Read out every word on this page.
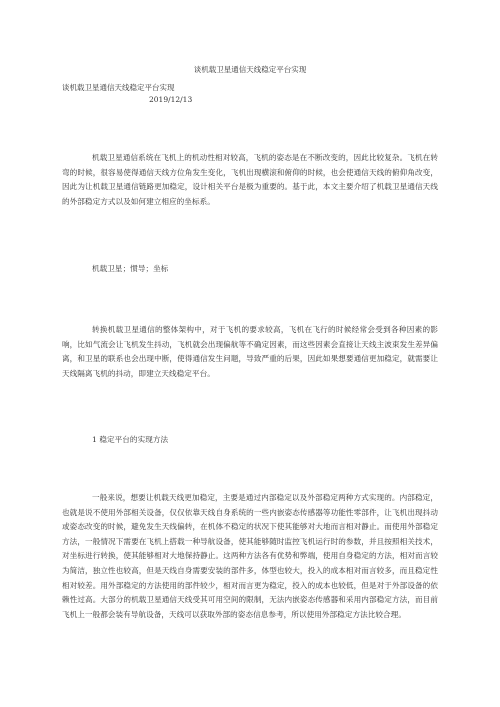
谈机载卫星通信天线稳定平台实现
谈机载卫星通信天线稳定平台实现
2019/12/13

机载卫星通信系统在飞机上的机动性相对较高，飞机的姿态是在不断改变的，因此比较复杂。飞机在转弯的时候，很容易使得通信天线方位角发生变化，飞机出现横滚和俯仰的时候，也会使通信天线的俯仰角改变，因此为让机载卫星通信链路更加稳定，设计相关平台是极为重要的。基于此，本文主要介绍了机载卫星通信天线的外部稳定方式以及如何建立相应的坐标系。

机载卫星；惯导；坐标

转换机载卫星通信的整体架构中，对于飞机的要求较高，飞机在飞行的时候经常会受到各种因素的影响，比如气流会让飞机发生抖动，飞机就会出现偏航等不确定因素，而这些因素会直接让天线主波束发生差异偏离，和卫星的联系也会出现中断，使得通信发生问题，导致严重的后果，因此如果想要通信更加稳定，就需要让天线隔离飞机的抖动，即建立天线稳定平台。

1 稳定平台的实现方法

一般来说，想要让机载天线更加稳定，主要是通过内部稳定以及外部稳定两种方式实现的。内部稳定，也就是说不使用外部相关设备，仅仅依靠天线自身系统的一些内嵌姿态传感器等功能性零部件，让飞机出现抖动或姿态改变的时候，避免发生天线偏转，在机体不稳定的状况下使其能够对大地而言相对静止。而使用外部稳定方法，一般情况下需要在飞机上搭载一种导航设备，使其能够随时监控飞机运行时的参数，并且按照相关技术，对坐标进行转换，使其能够相对大地保持静止。这两种方法各有优势和弊端，使用自身稳定的方法，相对而言较为简洁，独立性也较高，但是天线自身需要安装的部件多，体型也较大，投入的成本相对而言较多，而且稳定性相对较差。用外部稳定的方法使用的部件较少，相对而言更为稳定，投入的成本也较低，但是对于外部设备的依赖性过高。大部分的机载卫星通信天线受其可用空间的限制，无法内嵌姿态传感器和采用内部稳定方法，而目前飞机上一般都会装有导航设备，天线可以获取外部的姿态信息参考，所以使用外部稳定方法比较合理。
